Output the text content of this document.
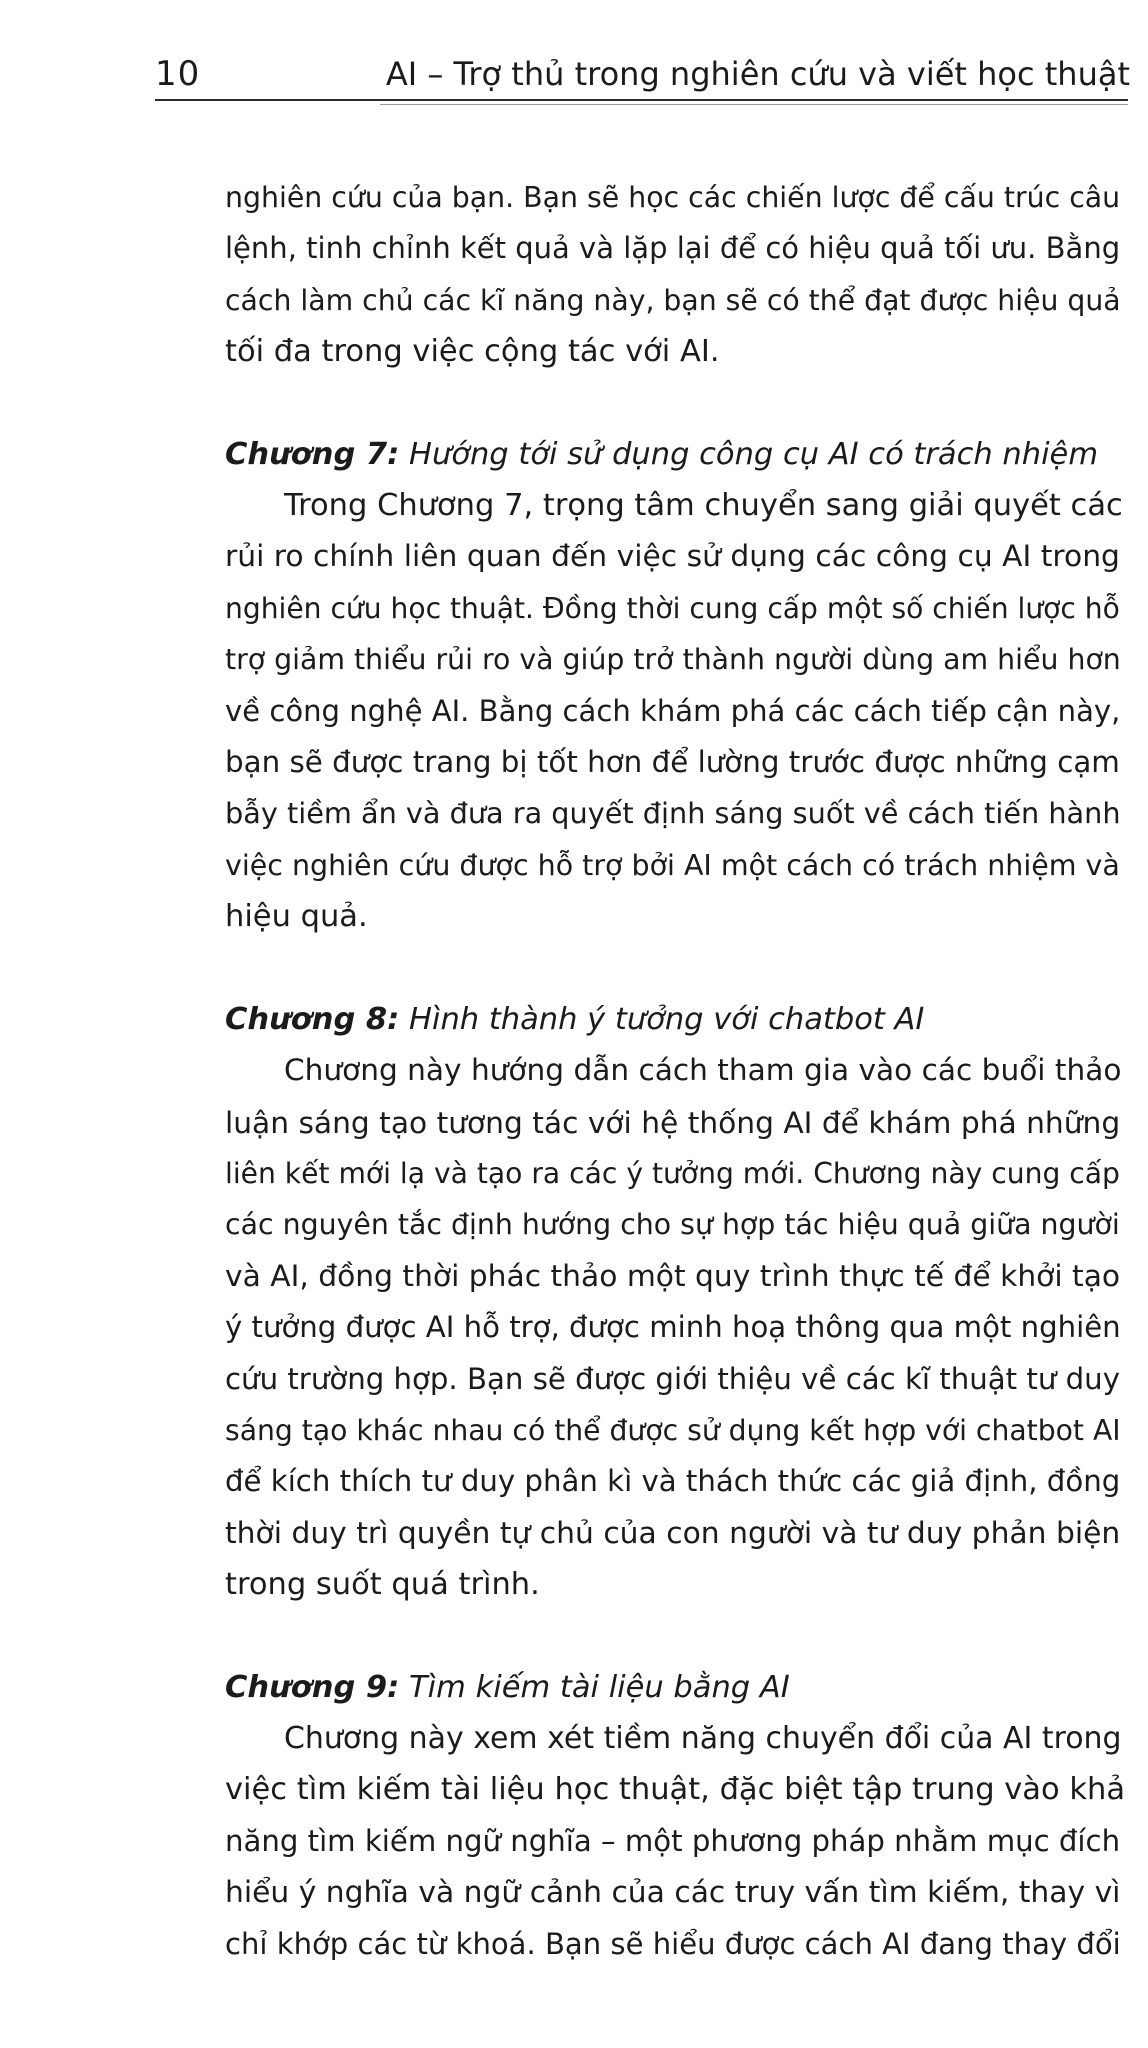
10	AI – Trợ thủ trong nghiên cứu và viết học thuật

nghiên cứu của bạn. Bạn sẽ học các chiến lược để cấu trúc câu
lệnh, tinh chỉnh kết quả và lặp lại để có hiệu quả tối ưu. Bằng
cách làm chủ các kĩ năng này, bạn sẽ có thể đạt được hiệu quả
tối đa trong việc cộng tác với AI.

Chương 7: Hướng tới sử dụng công cụ AI có trách nhiệm

Trong Chương 7, trọng tâm chuyển sang giải quyết các
rủi ro chính liên quan đến việc sử dụng các công cụ AI trong
nghiên cứu học thuật. Đồng thời cung cấp một số chiến lược hỗ
trợ giảm thiểu rủi ro và giúp trở thành người dùng am hiểu hơn
về công nghệ AI. Bằng cách khám phá các cách tiếp cận này,
bạn sẽ được trang bị tốt hơn để lường trước được những cạm
bẫy tiềm ẩn và đưa ra quyết định sáng suốt về cách tiến hành
việc nghiên cứu được hỗ trợ bởi AI một cách có trách nhiệm và
hiệu quả.

Chương 8: Hình thành ý tưởng với chatbot AI

Chương này hướng dẫn cách tham gia vào các buổi thảo
luận sáng tạo tương tác với hệ thống AI để khám phá những
liên kết mới lạ và tạo ra các ý tưởng mới. Chương này cung cấp
các nguyên tắc định hướng cho sự hợp tác hiệu quả giữa người
và AI, đồng thời phác thảo một quy trình thực tế để khởi tạo
ý tưởng được AI hỗ trợ, được minh hoạ thông qua một nghiên
cứu trường hợp. Bạn sẽ được giới thiệu về các kĩ thuật tư duy
sáng tạo khác nhau có thể được sử dụng kết hợp với chatbot AI
để kích thích tư duy phân kì và thách thức các giả định, đồng
thời duy trì quyền tự chủ của con người và tư duy phản biện
trong suốt quá trình.

Chương 9: Tìm kiếm tài liệu bằng AI

Chương này xem xét tiềm năng chuyển đổi của AI trong
việc tìm kiếm tài liệu học thuật, đặc biệt tập trung vào khả
năng tìm kiếm ngữ nghĩa – một phương pháp nhằm mục đích
hiểu ý nghĩa và ngữ cảnh của các truy vấn tìm kiếm, thay vì
chỉ khớp các từ khoá. Bạn sẽ hiểu được cách AI đang thay đổi
